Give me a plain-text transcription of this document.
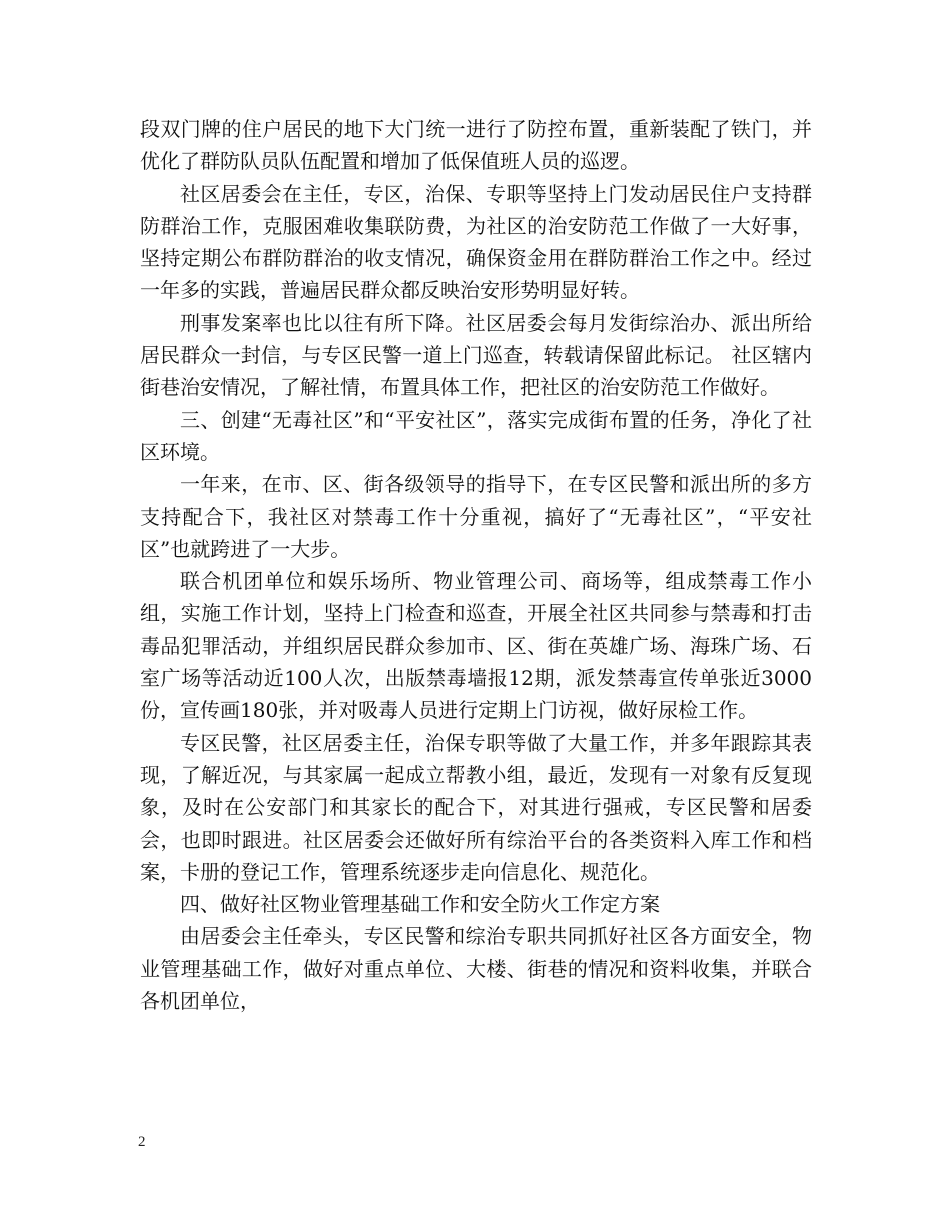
段双门牌的住户居民的地下大门统一进行了防控布置，重新装配了铁门，并优化了群防队员队伍配置和增加了低保值班人员的巡逻。

社区居委会在主任，专区，治保、专职等坚持上门发动居民住户支持群防群治工作，克服困难收集联防费，为社区的治安防范工作做了一大好事，坚持定期公布群防群治的收支情况，确保资金用在群防群治工作之中。经过一年多的实践，普遍居民群众都反映治安形势明显好转。

刑事发案率也比以往有所下降。社区居委会每月发街综治办、派出所给居民群众一封信，与专区民警一道上门巡查，转载请保留此标记。 社区辖内街巷治安情况，了解社情，布置具体工作，把社区的治安防范工作做好。

三、创建“无毒社区”和“平安社区”，落实完成街布置的任务，净化了社区环境。

一年来，在市、区、街各级领导的指导下，在专区民警和派出所的多方支持配合下，我社区对禁毒工作十分重视，搞好了“无毒社区”，“平安社区”也就跨进了一大步。

联合机团单位和娱乐场所、物业管理公司、商场等，组成禁毒工作小组，实施工作计划，坚持上门检查和巡查，开展全社区共同参与禁毒和打击毒品犯罪活动，并组织居民群众参加市、区、街在英雄广场、海珠广场、石室广场等活动近100人次，出版禁毒墙报12期，派发禁毒宣传单张近3000份，宣传画180张，并对吸毒人员进行定期上门访视，做好尿检工作。

专区民警，社区居委主任，治保专职等做了大量工作，并多年跟踪其表现，了解近况，与其家属一起成立帮教小组，最近，发现有一对象有反复现象，及时在公安部门和其家长的配合下，对其进行强戒，专区民警和居委会，也即时跟进。社区居委会还做好所有综治平台的各类资料入库工作和档案，卡册的登记工作，管理系统逐步走向信息化、规范化。

四、做好社区物业管理基础工作和安全防火工作定方案

由居委会主任牵头，专区民警和综治专职共同抓好社区各方面安全，物业管理基础工作，做好对重点单位、大楼、街巷的情况和资料收集，并联合各机团单位，

2
